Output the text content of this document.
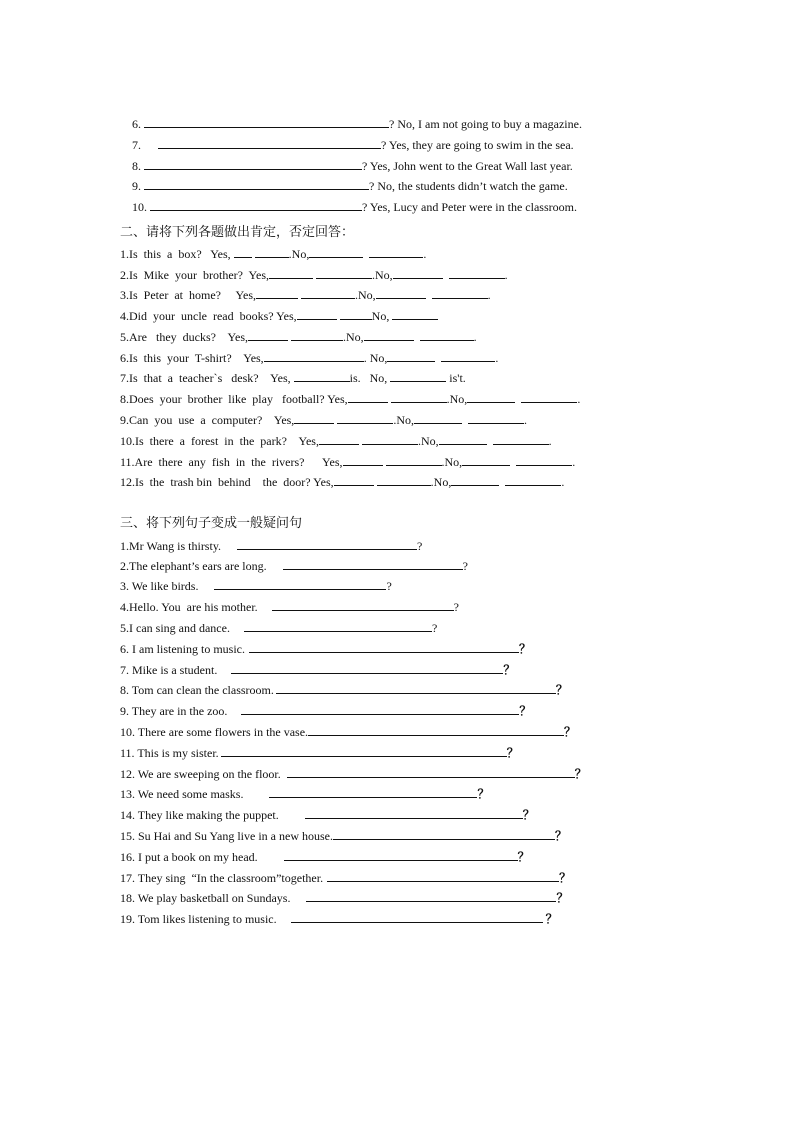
6.	? No, I am not going to buy a magazine.

7.	? Yes, they are going to swim in the sea.

8.	? Yes, John went to the Great Wall last year.

9.	? No, the students didn’t watch the game.

10.	? Yes, Lucy and Peter were in the classroom.

二、请将下列各题做出肯定，否定回答：
1.Is  this  a  box?   Yes,	.No,	.
2.Is  Mike  your  brother?  Yes,	.No,	.
3.Is  Peter  at  home?     Yes,	.No,	.
4.Did  your  uncle  read  books? Yes,	No,
5.Are   they  ducks?    Yes,	.No,	.
6.Is  this  your  T-shirt?    Yes,	. No,	.
7.Is  that  a  teacher`s   desk?    Yes,	is.   No,	is't.
8.Does  your  brother  like  play   football? Yes,	.No,	.
9.Can  you  use  a  computer?    Yes,	.No,	.
10.Is  there  a  forest  in  the  park?    Yes,	.No,	.
11.Are  there  any  fish  in  the  rivers?      Yes,	.No,	.
12.Is  the  trash bin  behind    the  door? Yes,	.No,	.
三、将下列句子变成一般疑问句
1.Mr Wang is thirsty.	?
2.The elephant’s ears are long.	?
3. We like birds.	?
4.Hello. You  are his mother.	?
5.I can sing and dance.	?
6. I am listening to music.	？
7. Mike is a student.	？
8. Tom can clean the classroom.	？
9. They are in the zoo.	？
10. There are some flowers in the vase.	？
11. This is my sister.	？
12. We are sweeping on the floor.	？
13. We need some masks.	？
14. They like making the puppet.	？
15. Su Hai and Su Yang live in a new house.	？
16. I put a book on my head.	？
17. They sing  “In the classroom”together.	？
18. We play basketball on Sundays.	？
19. Tom likes listening to music.	？
